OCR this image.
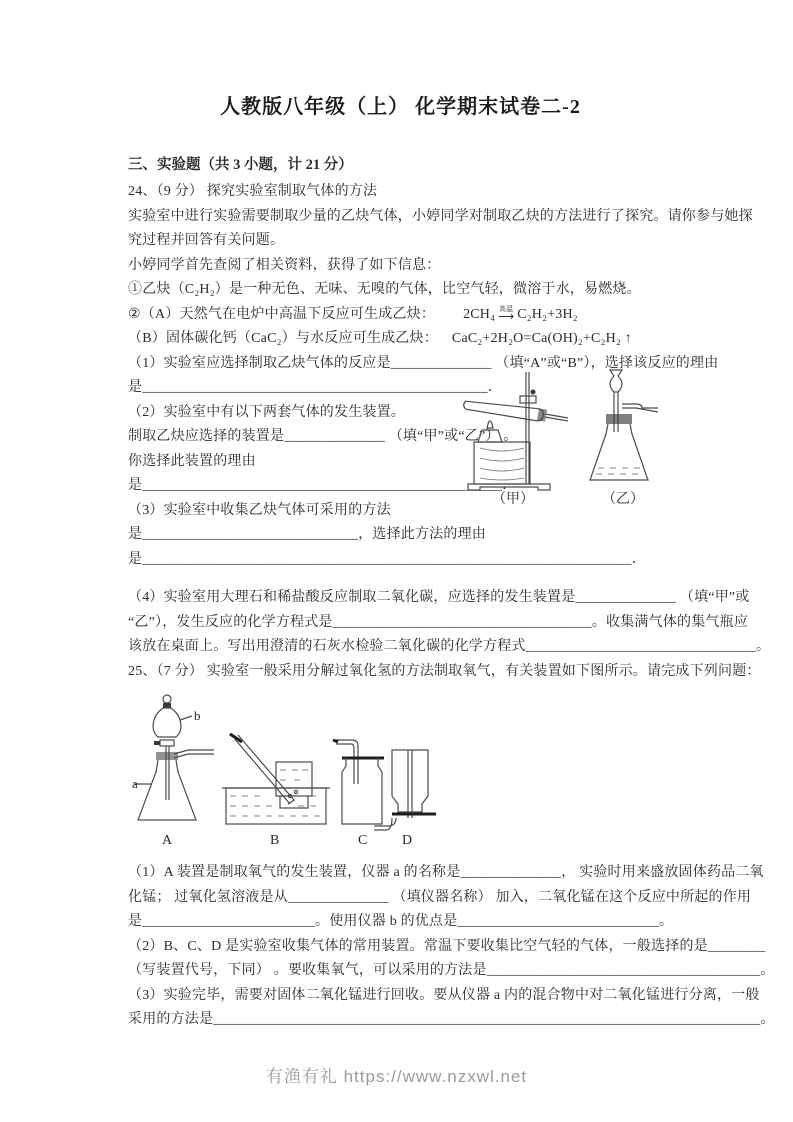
人教版八年级（上） 化学期末试卷二-2
三、实验题（共 3 小题，计 21 分）
24、（9 分） 探究实验室制取气体的方法
实验室中进行实验需要制取少量的乙炔气体，小婷同学对制取乙炔的方法进行了探究。请你参与她探
究过程并回答有关问题。
小婷同学首先查阅了相关资料，获得了如下信息：
①乙炔（C₂H₂）是一种无色、无味、无嗅的气体，比空气轻，微溶于水，易燃烧。
②（A）天然气在电炉中高温下反应可生成乙炔： 2CH₄ 高温
⟶ C₂H₂+3H₂
（B）固体碳化钙（CaC₂）与水反应可生成乙炔： CaC₂+2H₂O=Ca(OH)₂+C₂H₂ ↑
（1）实验室应选择制取乙炔气体的反应是______________ （填“A”或“B”），选择该反应的理由
是________________________________________________．
（2）实验室中有以下两套气体的发生装置。
制取乙炔应选择的装置是______________ （填“甲”或“乙”） 。
你选择此装置的理由
是__________________________________________________．
（3）实验室中收集乙炔气体可采用的方法
是______________________________，选择此方法的理由
是____________________________________________________________________．
（4）实验室用大理石和稀盐酸反应制取二氧化碳，应选择的发生装置是______________ （填“甲”或
“乙”），发生反应的化学方程式是____________________________________。收集满气体的集气瓶应
该放在桌面上。写出用澄清的石灰水检验二氧化碳的化学方程式________________________________。
25、（7 分） 实验室一般采用分解过氧化氢的方法制取氧气，有关装置如下图所示。请完成下列问题：
a
b
A	B	C D
（1）A 装置是制取氧气的发生装置，仪器 a 的名称是______________， 实验时用来盛放固体药品二氧
化锰； 过氧化氢溶液是从______________ （填仪器名称） 加入，二氧化锰在这个反应中所起的作用
是________________________。使用仪器 b 的优点是____________________________。
（2）B、C、D 是实验室收集气体的常用装置。常温下要收集比空气轻的气体，一般选择的是________
（写装置代号，下同） 。要收集氧气，可以采用的方法是______________________________________。
（3）实验完毕，需要对固体二氧化锰进行回收。要从仪器 a 内的混合物中对二氧化锰进行分离，一般
采用的方法是____________________________________________________________________________。
（甲）	（乙）
有渔有礼 https://www.nzxwl.net
